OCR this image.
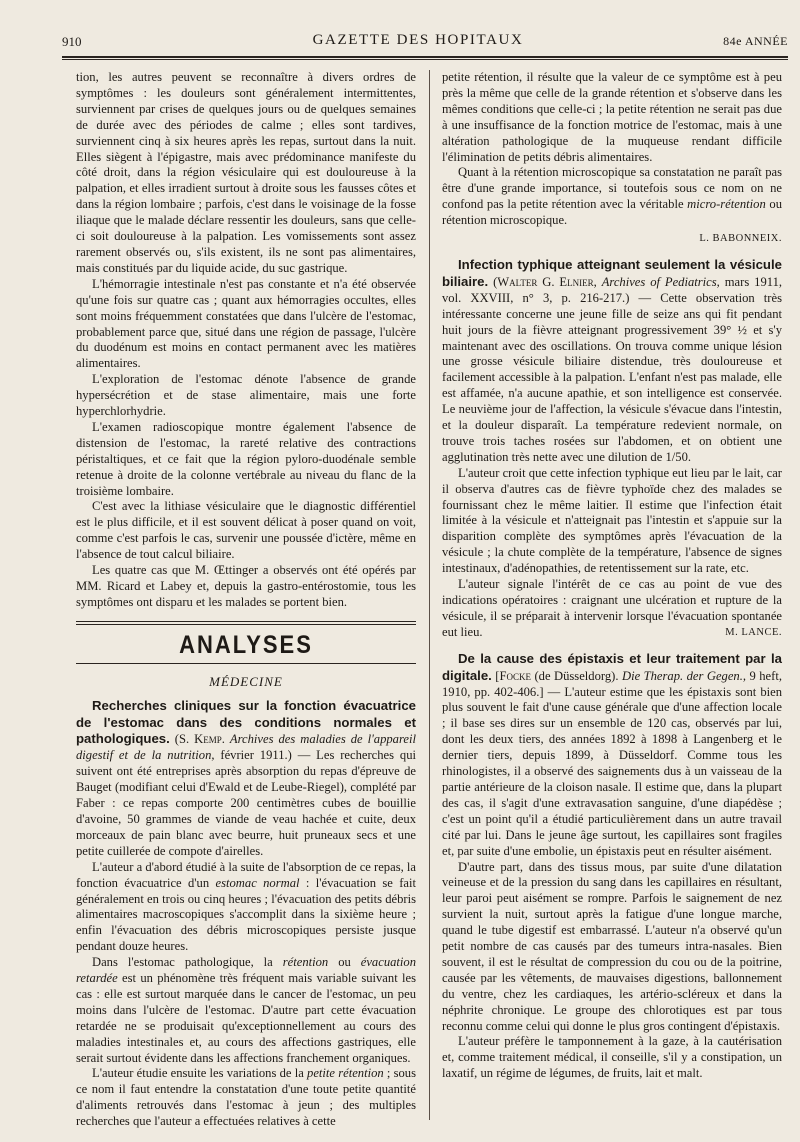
910	GAZETTE DES HOPITAUX	84e ANNÉE

tion, les autres peuvent se reconnaître à divers ordres de symptômes : les douleurs sont généralement intermittentes, surviennent par crises de quelques jours ou de quelques semaines de durée avec des périodes de calme ; elles sont tardives, surviennent cinq à six heures après les repas, surtout dans la nuit. Elles siègent à l'épigastre, mais avec prédominance manifeste du côté droit, dans la région vésiculaire qui est douloureuse à la palpation, et elles irradient surtout à droite sous les fausses côtes et dans la région lombaire ; parfois, c'est dans le voisinage de la fosse iliaque que le malade déclare ressentir les douleurs, sans que celle-ci soit douloureuse à la palpation. Les vomissements sont assez rarement observés ou, s'ils existent, ils ne sont pas alimentaires, mais constitués par du liquide acide, du suc gastrique.

L'hémorragie intestinale n'est pas constante et n'a été observée qu'une fois sur quatre cas ; quant aux hémorragies occultes, elles sont moins fréquemment constatées que dans l'ulcère de l'estomac, probablement parce que, situé dans une région de passage, l'ulcère du duodénum est moins en contact permanent avec les matières alimentaires.

L'exploration de l'estomac dénote l'absence de grande hypersécrétion et de stase alimentaire, mais une forte hyperchlorhydrie.

L'examen radioscopique montre également l'absence de distension de l'estomac, la rareté relative des contractions péristaltiques, et ce fait que la région pyloro-duodénale semble retenue à droite de la colonne vertébrale au niveau du flanc de la troisième lombaire.

C'est avec la lithiase vésiculaire que le diagnostic différentiel est le plus difficile, et il est souvent délicat à poser quand on voit, comme c'est parfois le cas, survenir une poussée d'ictère, même en l'absence de tout calcul biliaire.

Les quatre cas que M. Œttinger a observés ont été opérés par MM. Ricard et Labey et, depuis la gastro-entérostomie, tous les symptômes ont disparu et les malades se portent bien.

ANALYSES
MÉDECINE

Recherches cliniques sur la fonction évacuatrice de l'estomac dans des conditions normales et pathologiques. (S. Kemp. Archives des maladies de l'appareil digestif et de la nutrition, février 1911.) — Les recherches qui suivent ont été entreprises après absorption du repas d'épreuve de Bauget (modifiant celui d'Ewald et de Leube-Riegel), complété par Faber : ce repas comporte 200 centimètres cubes de bouillie d'avoine, 50 grammes de viande de veau hachée et cuite, deux morceaux de pain blanc avec beurre, huit pruneaux secs et une petite cuillerée de compote d'airelles.

L'auteur a d'abord étudié à la suite de l'absorption de ce repas, la fonction évacuatrice d'un estomac normal : l'évacuation se fait généralement en trois ou cinq heures ; l'évacuation des petits débris alimentaires macroscopiques s'accomplit dans la sixième heure ; enfin l'évacuation des débris microscopiques persiste jusque pendant douze heures.

Dans l'estomac pathologique, la rétention ou évacuation retardée est un phénomène très fréquent mais variable suivant les cas : elle est surtout marquée dans le cancer de l'estomac, un peu moins dans l'ulcère de l'estomac. D'autre part cette évacuation retardée ne se produisait qu'exceptionnellement au cours des maladies intestinales et, au cours des affections gastriques, elle serait surtout évidente dans les affections franchement organiques.

L'auteur étudie ensuite les variations de la petite rétention ; sous ce nom il faut entendre la constatation d'une toute petite quantité d'aliments retrouvés dans l'estomac à jeun ; des multiples recherches que l'auteur a effectuées relatives à cette

petite rétention, il résulte que la valeur de ce symptôme est à peu près la même que celle de la grande rétention et s'observe dans les mêmes conditions que celle-ci ; la petite rétention ne serait pas due à une insuffisance de la fonction motrice de l'estomac, mais à une altération pathologique de la muqueuse rendant difficile l'élimination de petits débris alimentaires.

Quant à la rétention microscopique sa constatation ne paraît pas être d'une grande importance, si toutefois sous ce nom on ne confond pas la petite rétention avec la véritable micro-rétention ou rétention microscopique.

L. BABONNEIX.

Infection typhique atteignant seulement la vésicule biliaire. (Walter G. Elnier, Archives of Pediatrics, mars 1911, vol. XXVIII, n° 3, p. 216-217.) — Cette observation très intéressante concerne une jeune fille de seize ans qui fit pendant huit jours de la fièvre atteignant progressivement 39° ½ et s'y maintenant avec des oscillations. On trouva comme unique lésion une grosse vésicule biliaire distendue, très douloureuse et facilement accessible à la palpation. L'enfant n'est pas malade, elle est affamée, n'a aucune apathie, et son intelligence est conservée. Le neuvième jour de l'affection, la vésicule s'évacue dans l'intestin, et la douleur disparaît. La température redevient normale, on trouve trois taches rosées sur l'abdomen, et on obtient une agglutination très nette avec une dilution de 1/50.

L'auteur croit que cette infection typhique eut lieu par le lait, car il observa d'autres cas de fièvre typhoïde chez des malades se fournissant chez le même laitier. Il estime que l'infection était limitée à la vésicule et n'atteignait pas l'intestin et s'appuie sur la disparition complète des symptômes après l'évacuation de la vésicule ; la chute complète de la température, l'absence de signes intestinaux, d'adénopathies, de retentissement sur la rate, etc.

L'auteur signale l'intérêt de ce cas au point de vue des indications opératoires : craignant une ulcération et rupture de la vésicule, il se préparait à intervenir lorsque l'évacuation spontanée eut lieu.	M. LANCE.

De la cause des épistaxis et leur traitement par la digitale. [Focke (de Düsseldorg). Die Therap. der Gegen., 9 heft, 1910, pp. 402-406.] — L'auteur estime que les épistaxis sont bien plus souvent le fait d'une cause générale que d'une affection locale ; il base ses dires sur un ensemble de 120 cas, observés par lui, dont les deux tiers, des années 1892 à 1898 à Langenberg et le dernier tiers, depuis 1899, à Düsseldorf. Comme tous les rhinologistes, il a observé des saignements dus à un vaisseau de la partie antérieure de la cloison nasale. Il estime que, dans la plupart des cas, il s'agit d'une extravasation sanguine, d'une diapédèse ; c'est un point qu'il a étudié particulièrement dans un autre travail cité par lui. Dans le jeune âge surtout, les capillaires sont fragiles et, par suite d'une embolie, un épistaxis peut en résulter aisément.

D'autre part, dans des tissus mous, par suite d'une dilatation veineuse et de la pression du sang dans les capillaires en résultant, leur paroi peut aisément se rompre. Parfois le saignement de nez survient la nuit, surtout après la fatigue d'une longue marche, quand le tube digestif est embarrassé. L'auteur n'a observé qu'un petit nombre de cas causés par des tumeurs intra-nasales. Bien souvent, il est le résultat de compression du cou ou de la poitrine, causée par les vêtements, de mauvaises digestions, ballonnement du ventre, chez les cardiaques, les artério-scléreux et dans la néphrite chronique. Le groupe des chlorotiques est par tous reconnu comme celui qui donne le plus gros contingent d'épistaxis.

L'auteur préfère le tamponnement à la gaze, à la cautérisation et, comme traitement médical, il conseille, s'il y a constipation, un laxatif, un régime de légumes, de fruits, lait et malt.
